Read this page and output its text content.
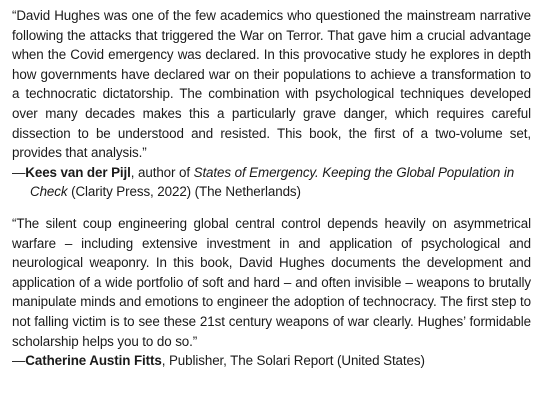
“David Hughes was one of the few academics who questioned the mainstream narrative following the attacks that triggered the War on Terror. That gave him a crucial advantage when the Covid emergency was declared. In this provocative study he explores in depth how governments have declared war on their populations to achieve a transformation to a technocratic dictatorship. The combination with psychological techniques developed over many decades makes this a particularly grave danger, which requires careful dissection to be understood and resisted. This book, the first of a two-volume set, provides that analysis.”

—Kees van der Pijl, author of States of Emergency. Keeping the Global Population in Check (Clarity Press, 2022) (The Netherlands)

“The silent coup engineering global central control depends heavily on asymmetrical warfare – including extensive investment in and application of psychological and neurological weaponry. In this book, David Hughes documents the development and application of a wide portfolio of soft and hard – and often invisible – weapons to brutally manipulate minds and emotions to engineer the adoption of technocracy. The first step to not falling victim is to see these 21st century weapons of war clearly. Hughes’ formidable scholarship helps you to do so.”

—Catherine Austin Fitts, Publisher, The Solari Report (United States)
